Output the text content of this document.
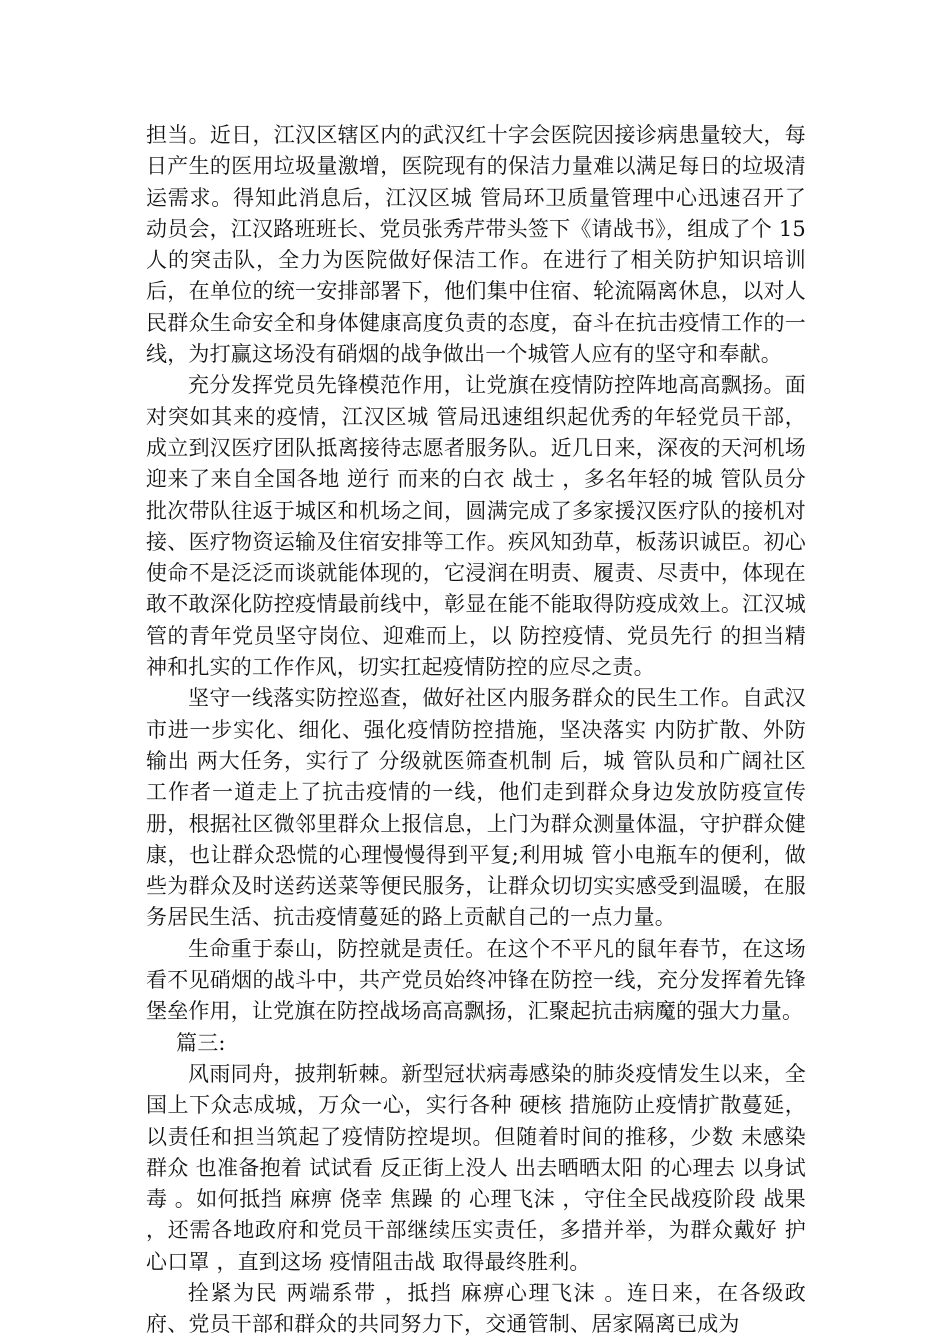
担当。近日，江汉区辖区内的武汉红十字会医院因接诊病患量较大，每日产生的医用垃圾量激增，医院现有的保洁力量难以满足每日的垃圾清运需求。得知此消息后，江汉区城 管局环卫质量管理中心迅速召开了动员会，江汉路班班长、党员张秀芹带头签下《请战书》，组成了个 15 人的突击队，全力为医院做好保洁工作。在进行了相关防护知识培训后，在单位的统一安排部署下，他们集中住宿、轮流隔离休息，以对人民群众生命安全和身体健康高度负责的态度，奋斗在抗击疫情工作的一线，为打赢这场没有硝烟的战争做出一个城管人应有的坚守和奉献。

充分发挥党员先锋模范作用，让党旗在疫情防控阵地高高飘扬。面对突如其来的疫情，江汉区城 管局迅速组织起优秀的年轻党员干部，成立到汉医疗团队抵离接待志愿者服务队。近几日来，深夜的天河机场迎来了来自全国各地 逆行 而来的白衣 战士 ，多名年轻的城 管队员分批次带队往返于城区和机场之间，圆满完成了多家援汉医疗队的接机对接、医疗物资运输及住宿安排等工作。疾风知劲草，板荡识诚臣。初心使命不是泛泛而谈就能体现的，它浸润在明责、履责、尽责中，体现在敢不敢深化防控疫情最前线中，彰显在能不能取得防疫成效上。江汉城 管的青年党员坚守岗位、迎难而上，以 防控疫情、党员先行 的担当精神和扎实的工作作风，切实扛起疫情防控的应尽之责。

坚守一线落实防控巡查，做好社区内服务群众的民生工作。自武汉市进一步实化、细化、强化疫情防控措施，坚决落实 内防扩散、外防输出 两大任务，实行了 分级就医筛查机制 后，城 管队员和广阔社区工作者一道走上了抗击疫情的一线，他们走到群众身边发放防疫宣传册，根据社区微邻里群众上报信息，上门为群众测量体温，守护群众健康，也让群众恐慌的心理慢慢得到平复;利用城 管小电瓶车的便利，做些为群众及时送药送菜等便民服务，让群众切切实实感受到温暖，在服务居民生活、抗击疫情蔓延的路上贡献自己的一点力量。

生命重于泰山，防控就是责任。在这个不平凡的鼠年春节，在这场看不见硝烟的战斗中，共产党员始终冲锋在防控一线，充分发挥着先锋堡垒作用，让党旗在防控战场高高飘扬，汇聚起抗击病魔的强大力量。

篇三:

风雨同舟，披荆斩棘。新型冠状病毒感染的肺炎疫情发生以来，全国上下众志成城，万众一心，实行各种 硬核 措施防止疫情扩散蔓延，以责任和担当筑起了疫情防控堤坝。但随着时间的推移，少数 未感染群众 也准备抱着 试试看 反正街上没人 出去晒晒太阳 的心理去 以身试毒 。如何抵挡 麻痹 侥幸 焦躁 的 心理飞沫 ，守住全民战疫阶段 战果 ，还需各地政府和党员干部继续压实责任，多措并举，为群众戴好 护心口罩 ，直到这场 疫情阻击战 取得最终胜利。

拴紧为民 两端系带 ，抵挡 麻痹心理飞沫 。连日来，在各级政府、党员干部和群众的共同努力下，交通管制、居家隔离已成为
